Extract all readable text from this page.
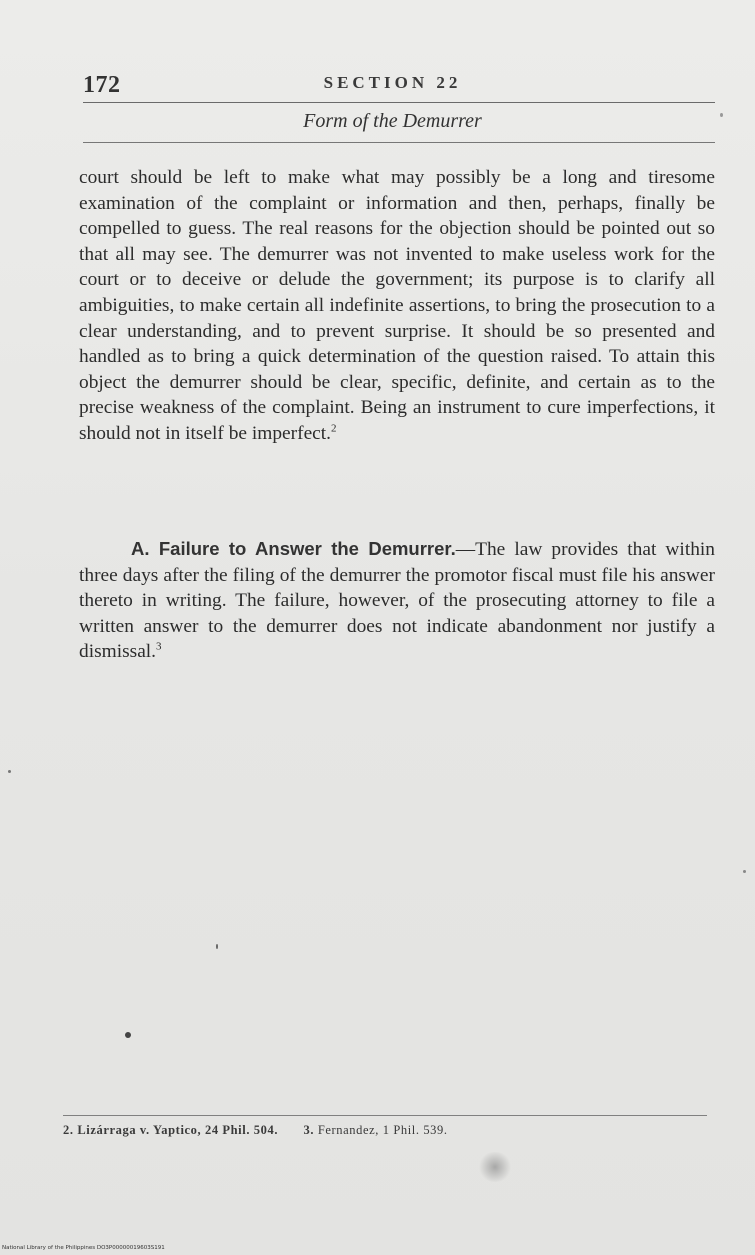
172	SECTION 22
Form of the Demurrer

court should be left to make what may possibly be a long and tiresome examination of the complaint or information and then, perhaps, finally be compelled to guess. The real reasons for the objection should be pointed out so that all may see. The demurrer was not invented to make useless work for the court or to deceive or delude the government; its purpose is to clarify all ambiguities, to make certain all indefinite assertions, to bring the prosecution to a clear understanding, and to prevent surprise. It should be so presented and handled as to bring a quick determination of the question raised. To attain this object the demurrer should be clear, specific, definite, and certain as to the precise weakness of the complaint. Being an instrument to cure imperfections, it should not in itself be imperfect.$^2$

A. Failure to Answer the Demurrer.—The law provides that within three days after the filing of the demurrer the promotor fiscal must file his answer thereto in writing. The failure, however, of the prosecuting attorney to file a written answer to the demurrer does not indicate abandonment nor justify a dismissal.$^3$
2. Lizárraga v. Yaptico, 24 Phil. 504. 3. Fernandez, 1 Phil. 539.
National Library of the Philippines DO3P00000019603S191
